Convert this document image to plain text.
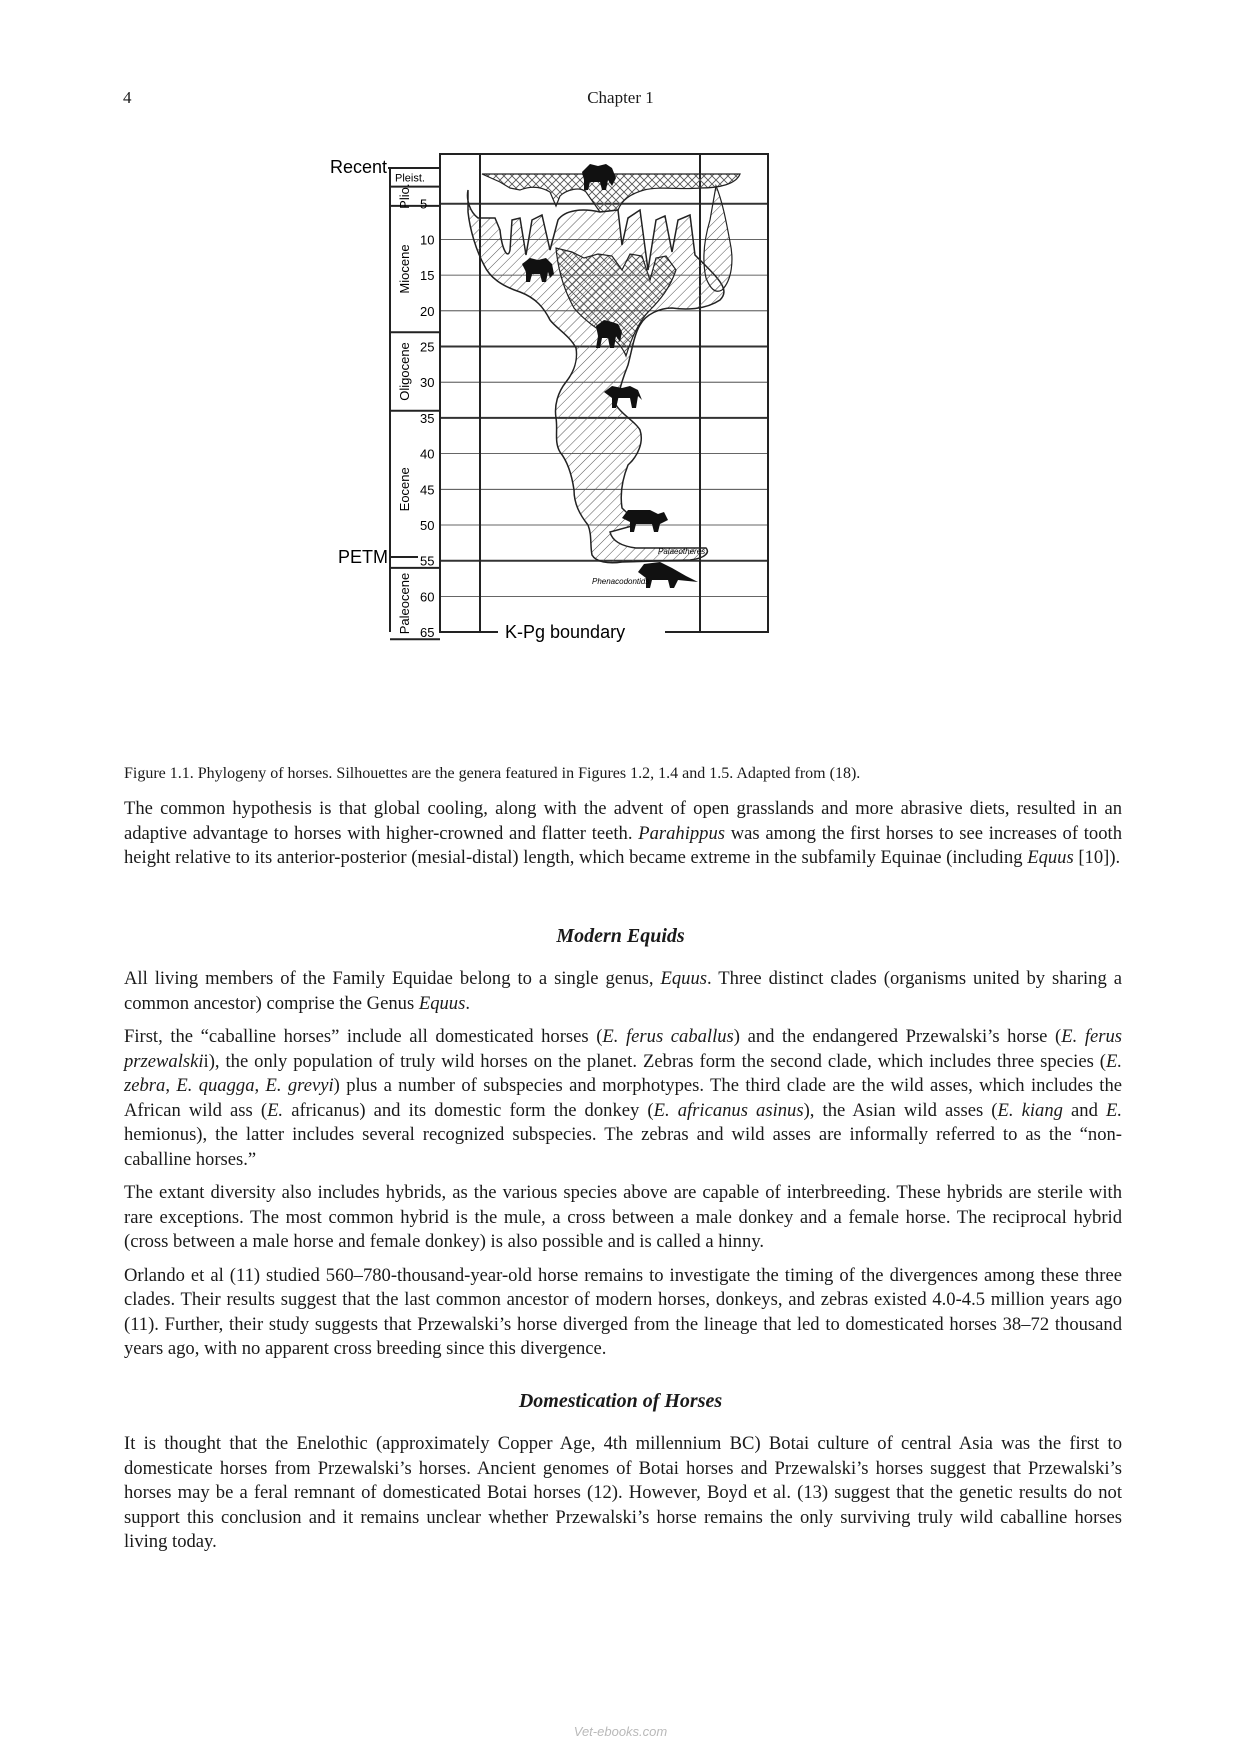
4	Chapter 1
Palaeotheres
Phenacodontids
Recent
PETM
Pleist.
Plio.
Miocene
Oligocene
Eocene
Paleocene
5
10
15
20
25
30
35
40
45
50
55
60
65	K-Pg boundary
Figure 1.1. Phylogeny of horses. Silhouettes are the genera featured in Figures 1.2, 1.4 and 1.5. Adapted from (18).

The common hypothesis is that global cooling, along with the advent of open grasslands and more abrasive diets, resulted in an adaptive advantage to horses with higher-crowned and flatter teeth. Parahippus was among the first horses to see increases of tooth height relative to its anterior-posterior (mesial-distal) length, which became extreme in the subfamily Equinae (including Equus [10]).

Modern Equids

All living members of the Family Equidae belong to a single genus, Equus. Three distinct clades (organisms united by sharing a common ancestor) comprise the Genus Equus.

First, the “caballine horses” include all domesticated horses (E. ferus caballus) and the endangered Przewalski’s horse (E. ferus przewalskii), the only population of truly wild horses on the planet. Zebras form the second clade, which includes three species (E. zebra, E. quagga, E. grevyi) plus a number of subspecies and morphotypes. The third clade are the wild asses, which includes the African wild ass (E. africanus) and its domestic form the donkey (E. africanus asinus), the Asian wild asses (E. kiang and E. hemionus), the latter includes several recognized subspecies. The zebras and wild asses are informally referred to as the “non-caballine horses.”

The extant diversity also includes hybrids, as the various species above are capable of interbreeding. These hybrids are sterile with rare exceptions. The most common hybrid is the mule, a cross between a male donkey and a female horse. The reciprocal hybrid (cross between a male horse and female donkey) is also possible and is called a hinny.

Orlando et al (11) studied 560–780-thousand-year-old horse remains to investigate the timing of the divergences among these three clades. Their results suggest that the last common ancestor of modern horses, donkeys, and zebras existed 4.0-4.5 million years ago (11). Further, their study suggests that Przewalski’s horse diverged from the lineage that led to domesticated horses 38–72 thousand years ago, with no apparent cross breeding since this divergence.

Domestication of Horses

It is thought that the Enelothic (approximately Copper Age, 4th millennium BC) Botai culture of central Asia was the first to domesticate horses from Przewalski’s horses. Ancient genomes of Botai horses and Przewalski’s horses suggest that Przewalski’s horses may be a feral remnant of domesticated Botai horses (12). However, Boyd et al. (13) suggest that the genetic results do not support this conclusion and it remains unclear whether Przewalski’s horse remains the only surviving truly wild caballine horses living today.

Vet-ebooks.com
